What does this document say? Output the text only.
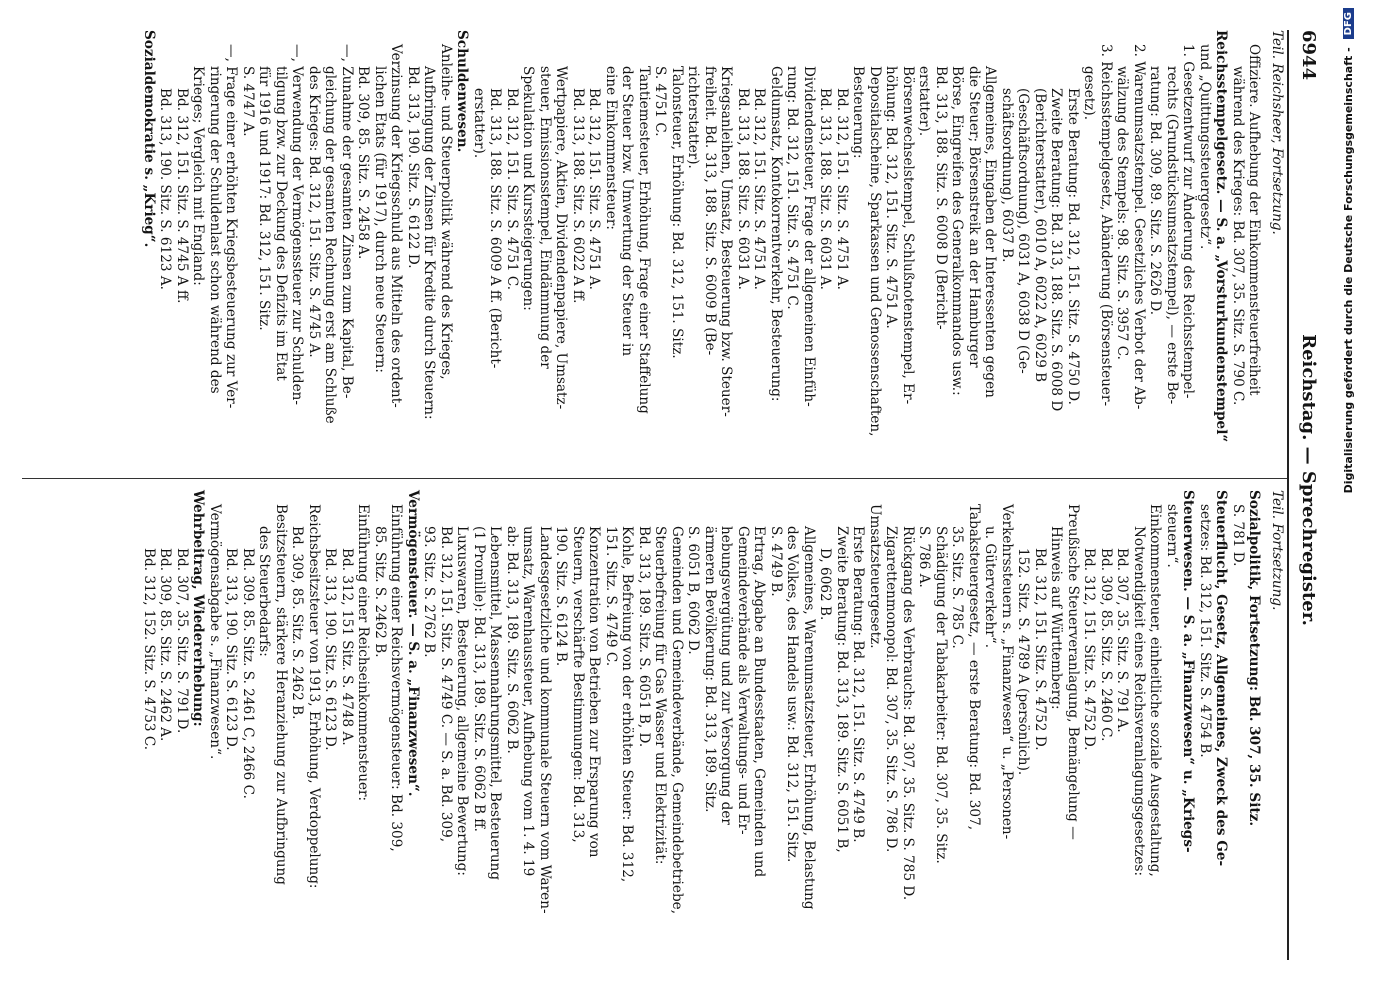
6944
Reichstag. — Sprechregister.
Teil. Reichsheer, Fortsetzung.
Offiziere. Aufhebung der Einkommensteuerfreiheit
während des Krieges: Bd. 307, 35. Sitz. S. 790 C.
Reichsstempelgesetz. — S. a. „Vorsturkundenstempel“
und „Quittungssteuergesetz“.
1. Gesetzentwurf zur Änderung des Reichsstempel-
rechts (Grundstücksumsatzstempel), — erste Be-
ratung: Bd. 309, 89. Sitz. S. 2626 D.
2. Warenumsatzstempel. Gesetzliches Verbot der Ab-
wälzung des Stempels: 98. Sitz. S. 3957 C.
3. Reichsstempelgesetz, Abänderung (Börsensteuer-
gesetz).
Erste Beratung: Bd. 312, 151. Sitz. S. 4750 D.
Zweite Beratung: Bd. 313, 188. Sitz. S. 6008 D
(Berichterstatter), 6010 A, 6022 A, 6029 B
(Geschäftsordnung), 6031 A, 6038 D (Ge-
schäftsordnung), 6037 B.
Allgemeines, Eingaben der Interessenten gegen
die Steuer; Börsenstreik an der Hamburger
Börse, Eingreifen des Generalkommandos usw.:
Bd. 313, 188. Sitz. S. 6008 D (Bericht-
erstatter).
Börsenwechselstempel, Schlußnotenstempel, Er-
höhung: Bd. 312, 151. Sitz. S. 4751 A.
Depositalscheine, Sparkassen und Genossenschaften,
Besteuerung:
Bd. 312, 151. Sitz. S. 4751 A.
Bd. 313, 188. Sitz. S. 6031 A.
Dividendensteuer, Frage der allgemeinen Einfüh-
rung: Bd. 312, 151. Sitz. S. 4751 C.
Geldumsatz, Kontokorrentverkehr, Besteuerung:
Bd. 312, 151. Sitz. S. 4751 A.
Bd. 313, 188. Sitz. S. 6031 A.
Kriegsanleihen, Umsatz, Besteuerung bzw. Steuer-
freiheit. Bd. 313, 188. Sitz. S. 6009 B (Be-
richterstatter).
Talonsteuer, Erhöhung: Bd. 312, 151. Sitz.
S. 4751 C.
Tantiemesteuer, Erhöhung, Frage einer Staffelung
der Steuer bzw. Umwertung der Steuer in
eine Einkommensteuer:
Bd. 312, 151. Sitz. S. 4751 A.
Bd. 313, 188. Sitz. S. 6022 A ff.
Wertpapiere, Aktien, Dividendenpapiere, Umsatz-
steuer, Emissionsstempel, Eindämmung der
Spekulation und Kurssteigerungen:
Bd. 312, 151. Sitz. S. 4751 C.
Bd. 313, 188. Sitz. S. 6009 A ff. (Bericht-
erstatter).
Schuldenwesen.
Anleihe- und Steuerpolitik während des Krieges,
Aufbringung der Zinsen für Kredite durch Steuern:
Bd. 313, 190. Sitz. S. 6122 D.
Verzinsung der Kriegsschuld aus Mitteln des ordent-
lichen Etats (für 1917), durch neue Steuern:
Bd. 309, 85. Sitz. S. 2458 A.
—, Zunahme der gesamten Zinsen zum Kapital, Be-
gleichung der gesamten Rechnung erst am Schluße
des Krieges: Bd. 312, 151. Sitz. S. 4745 A.
—, Verwendung der Vermögenssteuer zur Schulden-
tilgung bzw. zur Deckung des Defizits im Etat
für 1916 und 1917: Bd. 312, 151. Sitz.
S. 4747 A.
—, Frage einer erhöhten Kriegsbesteuerung zur Ver-
ringerung der Schuldenlast schon während des
Krieges; Vergleich mit England:
Bd. 312, 151. Sitz. S. 4745 A ff.
Bd. 313, 190. Sitz. S. 6123 A.
Sozialdemokratie s. „Krieg“.
Teil. Fortsetzung.
Sozialpolitik, Fortsetzung: Bd. 307, 35. Sitz.
S. 781 D.
Steuerflucht, Gesetz, Allgemeines, Zweck des Ge-
setzes: Bd. 312, 151. Sitz. S. 4754 B.
Steuerwesen. — S. a. „Finanzwesen“ u. „Kriegs-
steuern“.
Einkommensteuer, einheitliche soziale Ausgestaltung,
Notwendigkeit eines Reichsveranlagungsgesetzes:
Bd. 307, 35. Sitz. S. 791 A.
Bd. 309, 85. Sitz. S. 2460 C.
Bd. 312, 151. Sitz. S. 4752 D.
Preußische Steuerveranlagung, Bemängelung —
Hinweis auf Württemberg:
Bd. 312, 151. Sitz. S. 4752 D.
152. Sitz. S. 4789 A (persönlich).
Verkehrssteuern s. „Finanzwesen“ u. „Personen-
u. Güterverkehr“.
Tabaksteuergesetz, — erste Beratung: Bd. 307,
35. Sitz. S. 785 C.
Schädigung der Tabakarbeiter: Bd. 307, 35. Sitz.
S. 786 A.
Rückgang des Verbrauchs: Bd. 307, 35. Sitz. S. 785 D.
Zigarettenmonopol: Bd. 307, 35. Sitz. S. 786 D.
Umsatzsteuergesetz.
Erste Beratung: Bd. 312, 151. Sitz. S. 4749 B.
Zweite Beratung: Bd. 313, 189. Sitz. S. 6051 B,
D, 6062 B.
Allgemeines, Warenumsatzsteuer, Erhöhung, Belastung
des Volkes, des Handels usw.: Bd. 312, 151. Sitz.
S. 4749 B.
Ertrag, Abgabe an Bundesstaaten, Gemeinden und
Gemeindeverbände als Verwaltungs- und Er-
hebungsvergütung und zur Versorgung der
ärmeren Bevölkerung: Bd. 313, 189. Sitz.
S. 6051 B, 6062 D.
Gemeinden und Gemeindeverbände, Gemeindebetriebe,
Steuerbefreiung für Gas Wasser und Elektrizität:
Bd. 313, 189. Sitz. S. 6051 B, D.
Kohle, Befreiung von der erhöhten Steuer: Bd. 312,
151. Sitz. S. 4749 C.
Konzentration von Betrieben zur Ersparung von
Steuern, verschärfte Bestimmungen: Bd. 313,
190. Sitz. S. 6124 B.
Landesgesetzliche und kommunale Steuern vom Waren-
umsatz, Warenhaussteuer, Aufhebung vom 1. 4. 19
ab: Bd. 313, 189. Sitz. S. 6062 B.
Lebensmittel, Massennahrungsmittel, Besteuerung
(1 Promille): Bd. 313, 189. Sitz. S. 6062 B ff.
Luxuswaren, Besteuerung, allgemeine Bewertung:
Bd. 312, 151. Sitz. S. 4749 C. — S. a. Bd. 309,
93. Sitz. S. 2762 B.
Vermögensteuer. — S. a. „Finanzwesen“.
Einführung einer Reichsvermögensteuer: Bd. 309,
85. Sitz. S. 2462 B.
Einführung einer Reichseinkommensteuer:
Bd. 312, 151 Sitz. S. 4748 A.
Bd. 313, 190. Sitz. S. 6123 D.
Reichsbesitzsteuer von 1913, Erhöhung, Verdoppelung:
Bd. 309, 85. Sitz. S. 2462 B.
Besitzsteuern, stärkere Heranziehung zur Aufbringung
des Steuerbedarfs:
Bd. 309. 85. Sitz. S. 2461 C, 2466 C.
Bd. 313, 190. Sitz. S. 6123 D.
Vermögensabgabe s. „Finanzwesen“.
Wehrbeitrag, Wiedererhebung:
Bd. 307, 35. Sitz. S. 791 D.
Bd. 309, 85. Sitz. S. 2462 A.
Bd. 312, 152. Sitz. S. 4753 C.
Digitalisierung gefördert durch die Deutsche Forschungsgemeinschaft -
DFG
